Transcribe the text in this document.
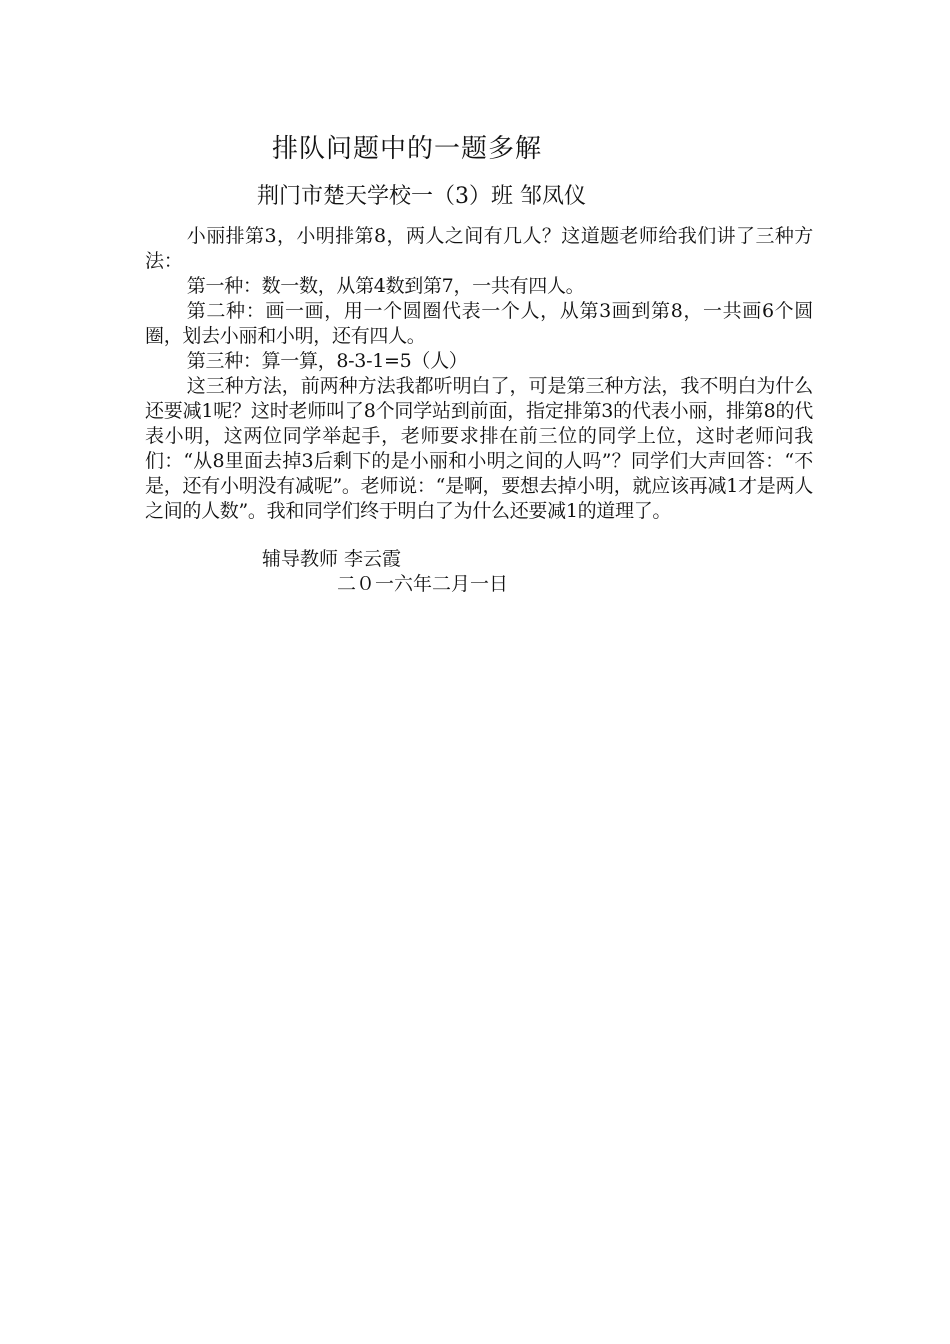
排队问题中的一题多解
荆门市楚天学校一（3）班 邹凤仪

小丽排第3，小明排第8，两人之间有几人？这道题老师给我们讲了三种方法：

第一种：数一数，从第4数到第7，一共有四人。

第二种：画一画，用一个圆圈代表一个人，从第3画到第8，一共画6个圆圈，划去小丽和小明，还有四人。

第三种：算一算，8-3-1=5（人）

这三种方法，前两种方法我都听明白了，可是第三种方法，我不明白为什么还要减1呢？这时老师叫了8个同学站到前面，指定排第3的代表小丽，排第8的代表小明，这两位同学举起手，老师要求排在前三位的同学上位，这时老师问我们：“从8里面去掉3后剩下的是小丽和小明之间的人吗”？同学们大声回答：“不是，还有小明没有减呢”。老师说：“是啊，要想去掉小明，就应该再减1才是两人之间的人数”。我和同学们终于明白了为什么还要减1的道理了。

辅导教师 李云霞
二０一六年二月一日
